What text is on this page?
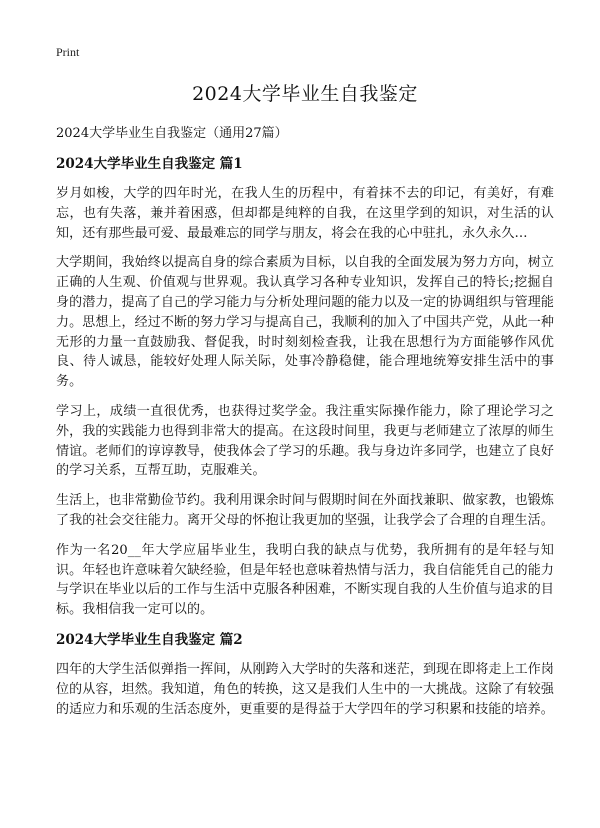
Print
2024大学毕业生自我鉴定
2024大学毕业生自我鉴定（通用27篇）
2024大学毕业生自我鉴定 篇1

岁月如梭，大学的四年时光，在我人生的历程中，有着抹不去的印记，有美好，有难忘，也有失落，兼并着困惑，但却都是纯粹的自我，在这里学到的知识，对生活的认知，还有那些最可爱、最最难忘的同学与朋友，将会在我的心中驻扎，永久永久…

大学期间，我始终以提高自身的综合素质为目标，以自我的全面发展为努力方向，树立正确的人生观、价值观与世界观。我认真学习各种专业知识，发挥自己的特长;挖掘自身的潜力，提高了自己的学习能力与分析处理问题的能力以及一定的协调组织与管理能力。思想上，经过不断的努力学习与提高自己，我顺利的加入了中国共产党，从此一种无形的力量一直鼓励我、督促我，时时刻刻检查我，让我在思想行为方面能够作风优良、待人诚恳，能较好处理人际关际，处事冷静稳健，能合理地统筹安排生活中的事务。

学习上，成绩一直很优秀，也获得过奖学金。我注重实际操作能力，除了理论学习之外，我的实践能力也得到非常大的提高。在这段时间里，我更与老师建立了浓厚的师生情谊。老师们的谆谆教导，使我体会了学习的乐趣。我与身边许多同学，也建立了良好的学习关系，互帮互助，克服难关。

生活上，也非常勤俭节约。我利用课余时间与假期时间在外面找兼职、做家教，也锻炼了我的社会交往能力。离开父母的怀抱让我更加的坚强，让我学会了合理的自理生活。

作为一名20__年大学应届毕业生，我明白我的缺点与优势，我所拥有的是年轻与知识。年轻也许意味着欠缺经验，但是年轻也意味着热情与活力，我自信能凭自己的能力与学识在毕业以后的工作与生活中克服各种困难，不断实现自我的人生价值与追求的目标。我相信我一定可以的。

2024大学毕业生自我鉴定 篇2

四年的大学生活似弹指一挥间，从刚跨入大学时的失落和迷茫，到现在即将走上工作岗位的从容，坦然。我知道，角色的转换，这又是我们人生中的一大挑战。这除了有较强的适应力和乐观的生活态度外，更重要的是得益于大学四年的学习积累和技能的培养。
